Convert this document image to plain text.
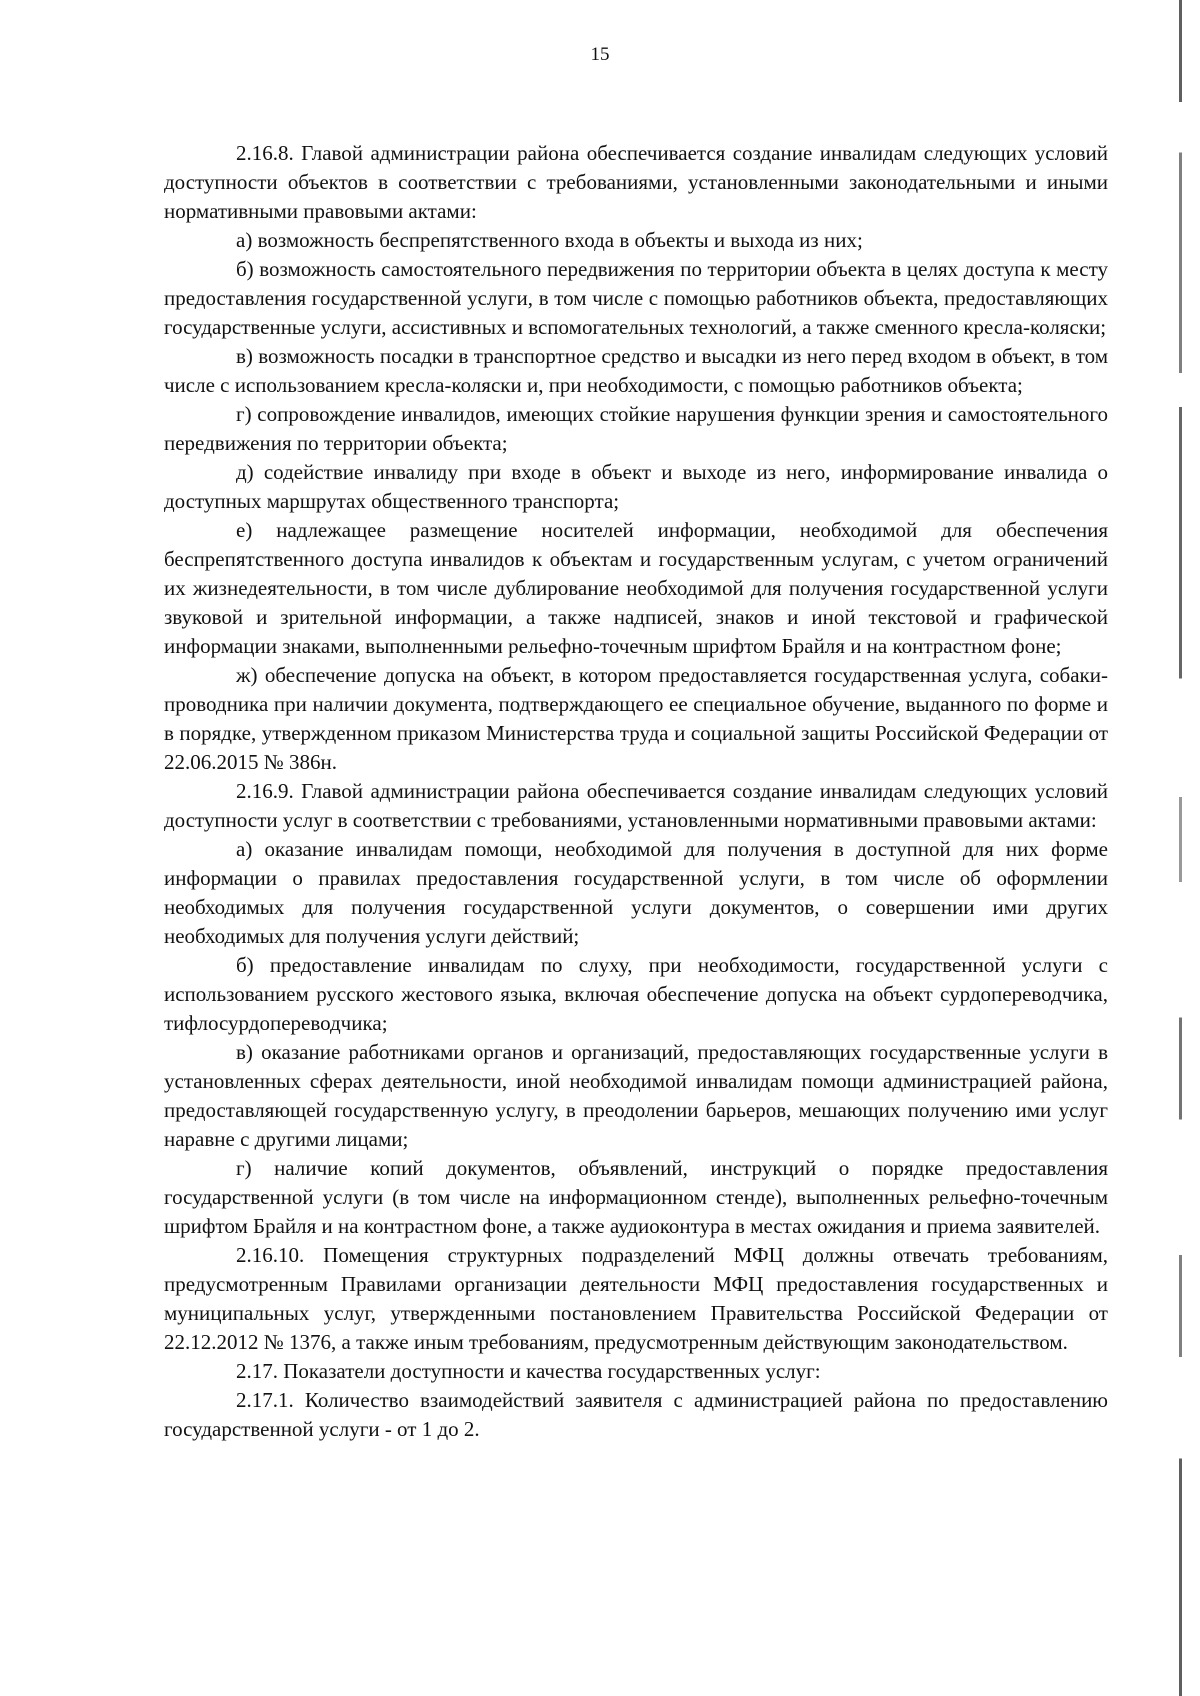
15

2.16.8. Главой администрации района обеспечивается создание инвалидам следующих условий доступности объектов в соответствии с требованиями, установленными законодательными и иными нормативными правовыми актами:

а) возможность беспрепятственного входа в объекты и выхода из них;

б) возможность самостоятельного передвижения по территории объекта в целях доступа к месту предоставления государственной услуги, в том числе с помощью работников объекта, предоставляющих государственные услуги, ассистивных и вспомогательных технологий, а также сменного кресла-коляски;

в) возможность посадки в транспортное средство и высадки из него перед входом в объект, в том числе с использованием кресла-коляски и, при необходимости, с помощью работников объекта;

г) сопровождение инвалидов, имеющих стойкие нарушения функции зрения и самостоятельного передвижения по территории объекта;

д) содействие инвалиду при входе в объект и выходе из него, информирование инвалида о доступных маршрутах общественного транспорта;

е) надлежащее размещение носителей информации, необходимой для обеспечения беспрепятственного доступа инвалидов к объектам и государственным услугам, с учетом ограничений их жизнедеятельности, в том числе дублирование необходимой для получения государственной услуги звуковой и зрительной информации, а также надписей, знаков и иной текстовой и графической информации знаками, выполненными рельефно-точечным шрифтом Брайля и на контрастном фоне;

ж) обеспечение допуска на объект, в котором предоставляется государственная услуга, собаки-проводника при наличии документа, подтверждающего ее специальное обучение, выданного по форме и в порядке, утвержденном приказом Министерства труда и социальной защиты Российской Федерации от 22.06.2015 № 386н.

2.16.9. Главой администрации района обеспечивается создание инвалидам следующих условий доступности услуг в соответствии с требованиями, установленными нормативными правовыми актами:

а) оказание инвалидам помощи, необходимой для получения в доступной для них форме информации о правилах предоставления государственной услуги, в том числе об оформлении необходимых для получения государственной услуги документов, о совершении ими других необходимых для получения услуги действий;

б) предоставление инвалидам по слуху, при необходимости, государственной услуги с использованием русского жестового языка, включая обеспечение допуска на объект сурдопереводчика, тифлосурдопереводчика;

в) оказание работниками органов и организаций, предоставляющих государственные услуги в установленных сферах деятельности, иной необходимой инвалидам помощи администрацией района, предоставляющей государственную услугу, в преодолении барьеров, мешающих получению ими услуг наравне с другими лицами;

г) наличие копий документов, объявлений, инструкций о порядке предоставления государственной услуги (в том числе на информационном стенде), выполненных рельефно-точечным шрифтом Брайля и на контрастном фоне, а также аудиоконтура в местах ожидания и приема заявителей.

2.16.10. Помещения структурных подразделений МФЦ должны отвечать требованиям, предусмотренным Правилами организации деятельности МФЦ предоставления государственных и муниципальных услуг, утвержденными постановлением Правительства Российской Федерации от 22.12.2012 № 1376, а также иным требованиям, предусмотренным действующим законодательством.

2.17. Показатели доступности и качества государственных услуг:

2.17.1. Количество взаимодействий заявителя с администрацией района по предоставлению государственной услуги - от 1 до 2.
